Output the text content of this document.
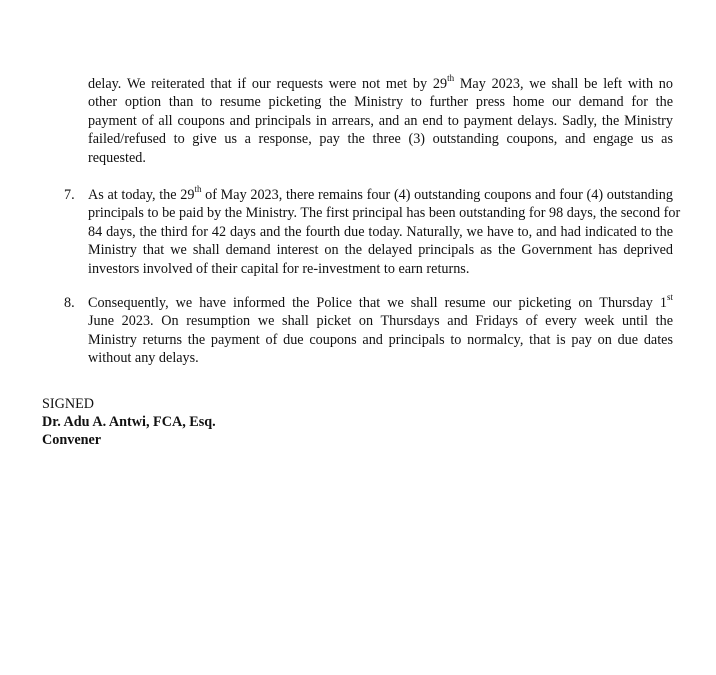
delay. We reiterated that if our requests were not met by 29th May 2023, we shall be left with no
other option than to resume picketing the Ministry to further press home our demand for the
payment of all coupons and principals in arrears, and an end to payment delays. Sadly, the Ministry
failed/refused to give us a response, pay the three (3) outstanding coupons, and engage us as
requested.
7. As at today, the 29th of May 2023, there remains four (4) outstanding coupons and four (4) outstanding
principals to be paid by the Ministry. The first principal has been outstanding for 98 days, the second for
84 days, the third for 42 days and the fourth due today. Naturally, we have to, and had indicated to the
Ministry that we shall demand interest on the delayed principals as the Government has deprived
investors involved of their capital for re-investment to earn returns.
8. Consequently, we have informed the Police that we shall resume our picketing on Thursday 1st
June 2023. On resumption we shall picket on Thursdays and Fridays of every week until the
Ministry returns the payment of due coupons and principals to normalcy, that is pay on due dates
without any delays.
SIGNED
Dr. Adu A. Antwi, FCA, Esq.
Convener
